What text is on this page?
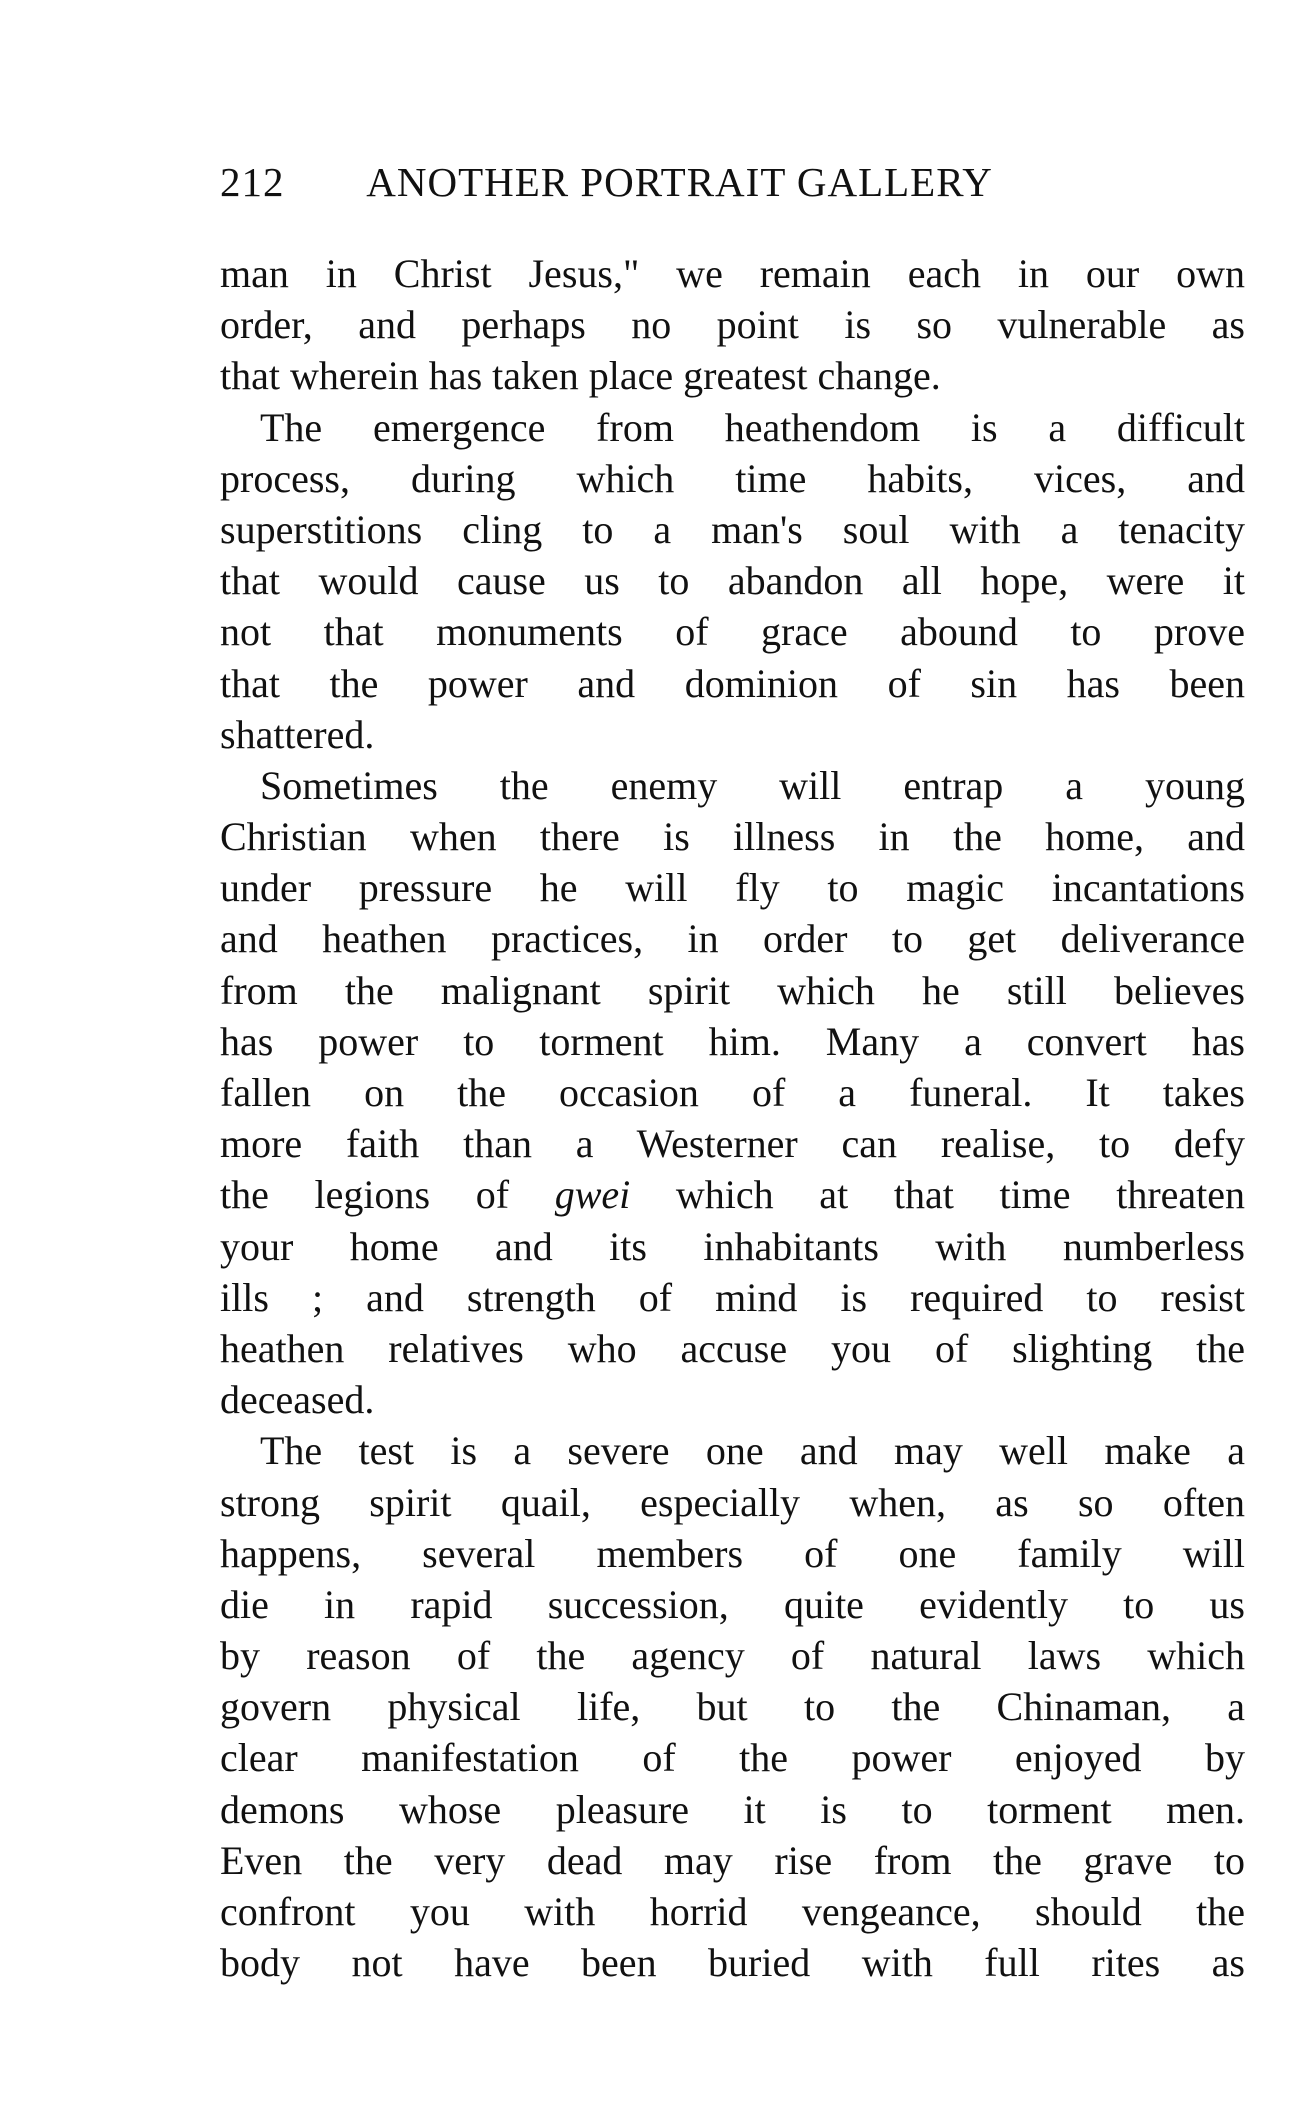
212 ANOTHER PORTRAIT GALLERY
man in Christ Jesus," we remain each in our own
order, and perhaps no point is so vulnerable as
that wherein has taken place greatest change.
The emergence from heathendom is a difficult
process, during which time habits, vices, and
superstitions cling to a man's soul with a tenacity
that would cause us to abandon all hope, were it
not that monuments of grace abound to prove
that the power and dominion of sin has been
shattered.
Sometimes the enemy will entrap a young
Christian when there is illness in the home, and
under pressure he will fly to magic incantations
and heathen practices, in order to get deliverance
from the malignant spirit which he still believes
has power to torment him. Many a convert has
fallen on the occasion of a funeral. It takes
more faith than a Westerner can realise, to defy
the legions of gwei which at that time threaten
your home and its inhabitants with numberless
ills ; and strength of mind is required to resist
heathen relatives who accuse you of slighting the
deceased.
The test is a severe one and may well make a
strong spirit quail, especially when, as so often
happens, several members of one family will
die in rapid succession, quite evidently to us
by reason of the agency of natural laws which
govern physical life, but to the Chinaman, a
clear manifestation of the power enjoyed by
demons whose pleasure it is to torment men.
Even the very dead may rise from the grave to
confront you with horrid vengeance, should the
body not have been buried with full rites as
